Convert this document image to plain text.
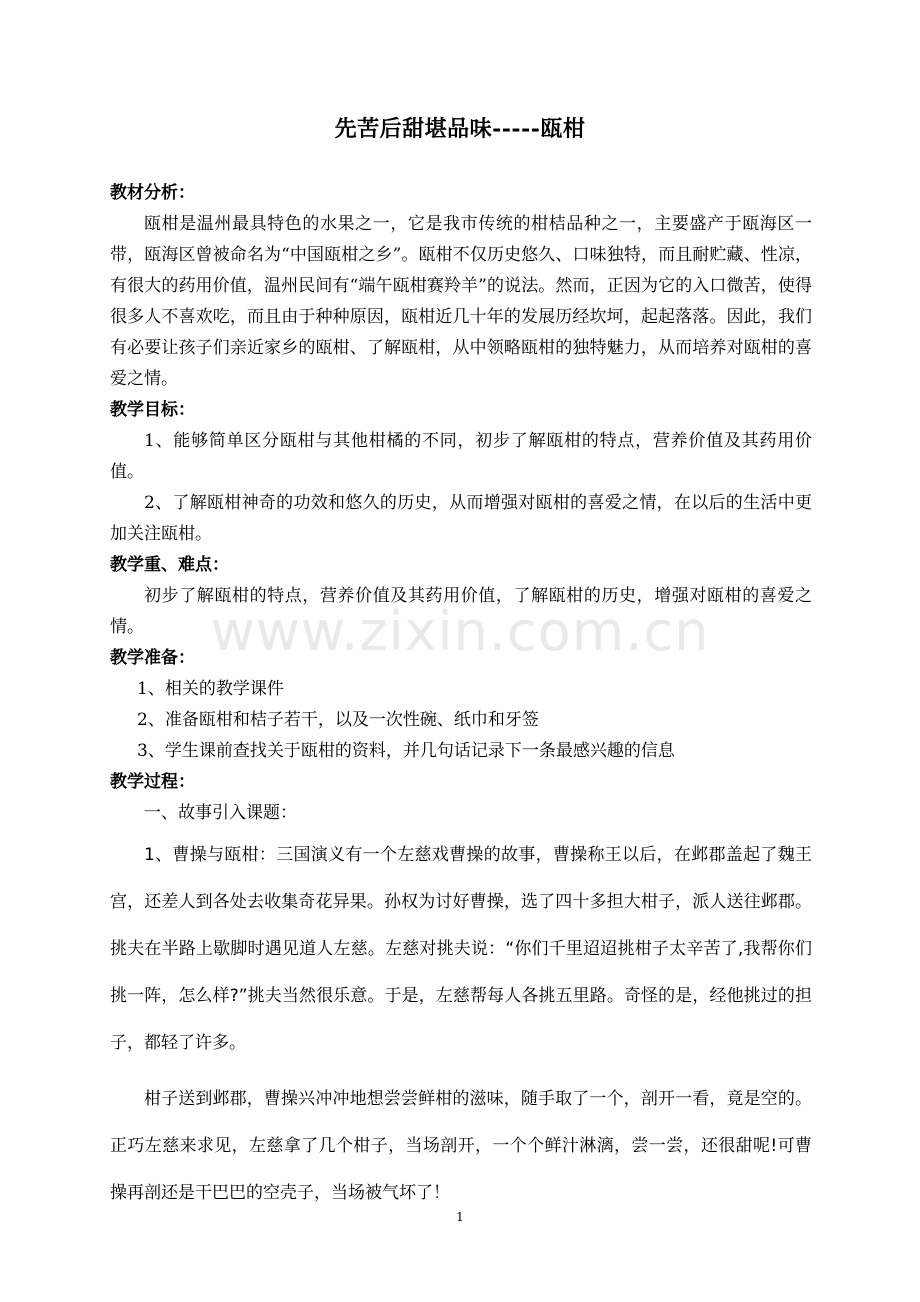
先苦后甜堪品味-----瓯柑

教材分析：

瓯柑是温州最具特色的水果之一，它是我市传统的柑桔品种之一，主要盛产于瓯海区一带，瓯海区曾被命名为“中国瓯柑之乡”。瓯柑不仅历史悠久、口味独特，而且耐贮藏、性凉，有很大的药用价值，温州民间有“端午瓯柑赛羚羊”的说法。然而，正因为它的入口微苦，使得很多人不喜欢吃，而且由于种种原因，瓯柑近几十年的发展历经坎坷，起起落落。因此，我们有必要让孩子们亲近家乡的瓯柑、了解瓯柑，从中领略瓯柑的独特魅力，从而培养对瓯柑的喜爱之情。

教学目标：

1、能够简单区分瓯柑与其他柑橘的不同，初步了解瓯柑的特点，营养价值及其药用价值。

2、了解瓯柑神奇的功效和悠久的历史，从而增强对瓯柑的喜爱之情，在以后的生活中更加关注瓯柑。

教学重、难点：

初步了解瓯柑的特点，营养价值及其药用价值，了解瓯柑的历史，增强对瓯柑的喜爱之情。

教学准备：

1、相关的教学课件

2、准备瓯柑和桔子若干，以及一次性碗、纸巾和牙签

3、学生课前查找关于瓯柑的资料，并几句话记录下一条最感兴趣的信息

教学过程：

一、故事引入课题：

1、曹操与瓯柑：三国演义有一个左慈戏曹操的故事，曹操称王以后，在邺郡盖起了魏王宫，还差人到各处去收集奇花异果。孙权为讨好曹操，选了四十多担大柑子，派人送往邺郡。挑夫在半路上歇脚时遇见道人左慈。左慈对挑夫说：“你们千里迢迢挑柑子太辛苦了,我帮你们挑一阵，怎么样?”挑夫当然很乐意。于是，左慈帮每人各挑五里路。奇怪的是，经他挑过的担子，都轻了许多。

柑子送到邺郡，曹操兴冲冲地想尝尝鲜柑的滋味，随手取了一个，剖开一看，竟是空的。正巧左慈来求见，左慈拿了几个柑子，当场剖开，一个个鲜汁淋漓，尝一尝，还很甜呢!可曹操再剖还是干巴巴的空壳子，当场被气坏了！

www.zixin.com.cn
1
